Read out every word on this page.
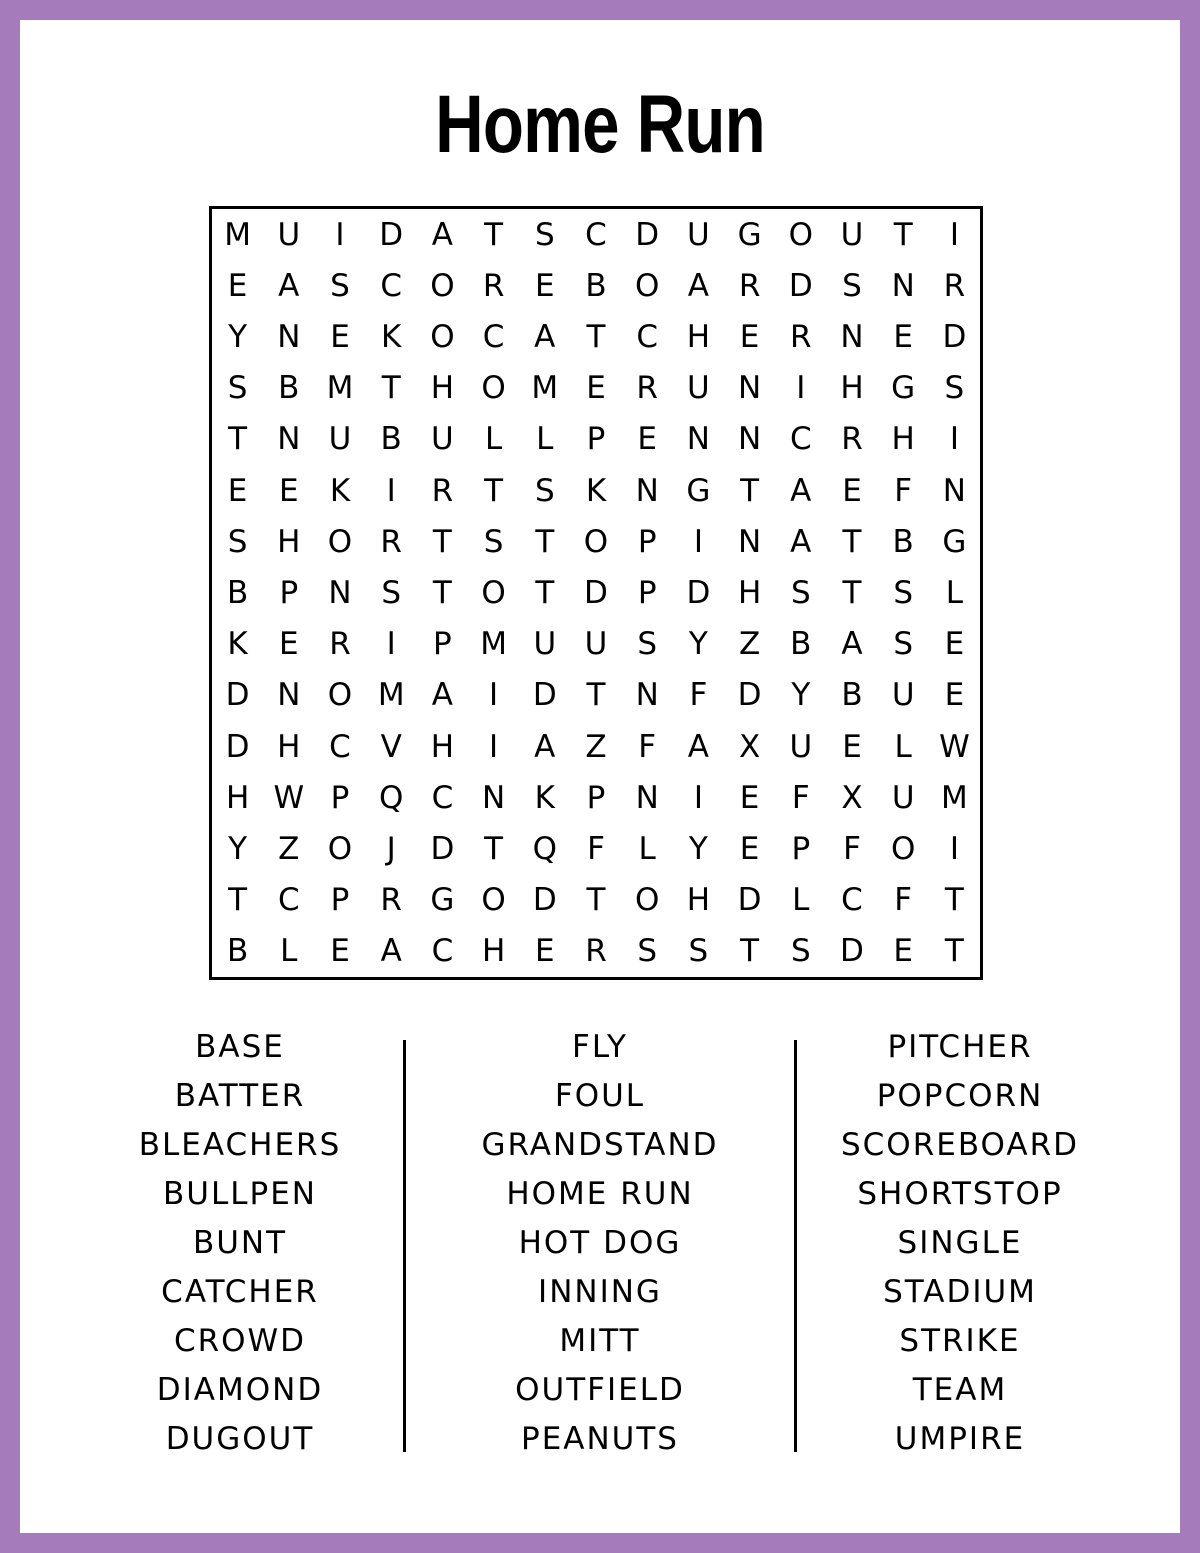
Home Run
M U	I	D A	T	S C D U G O U T	I
E A S C O R E B O A R D S N R
Y N E	K O C A	T C H E R N E D
S B M T H O M E R U N	I	H G S
T N U B U	L	L	P	E N N C R H	I
E	E	K	I	R T	S	K N G T	A E	F N
S H O R T	S	T O P	I	N A	T	B G
B	P N S	T O T D P D H S	T	S	L
K	E R	I	P M U U S	Y	Z B A S	E
D N O M A	I	D T N F D Y	B U E
D H C V H	I	A Z	F	A X U E	L W
H W P Q C N K	P N	I	E	F	X U M
Y	Z O	J	D T Q F	L	Y	E	P	F O	I
T C	P	R G O D T O H D L	C	F	T
B	L	E A C H E R S	S	T	S D E	T
BASE
BATTER
BLEACHERS
BULLPEN
BUNT
CATCHER
CROWD
DIAMOND
DUGOUT
FLY
FOUL
GRANDSTAND
HOME RUN
HOT DOG
INNING
MITT
OUTFIELD
PEANUTS
PITCHER
POPCORN
SCOREBOARD
SHORTSTOP
SINGLE
STADIUM
STRIKE
TEAM
UMPIRE
